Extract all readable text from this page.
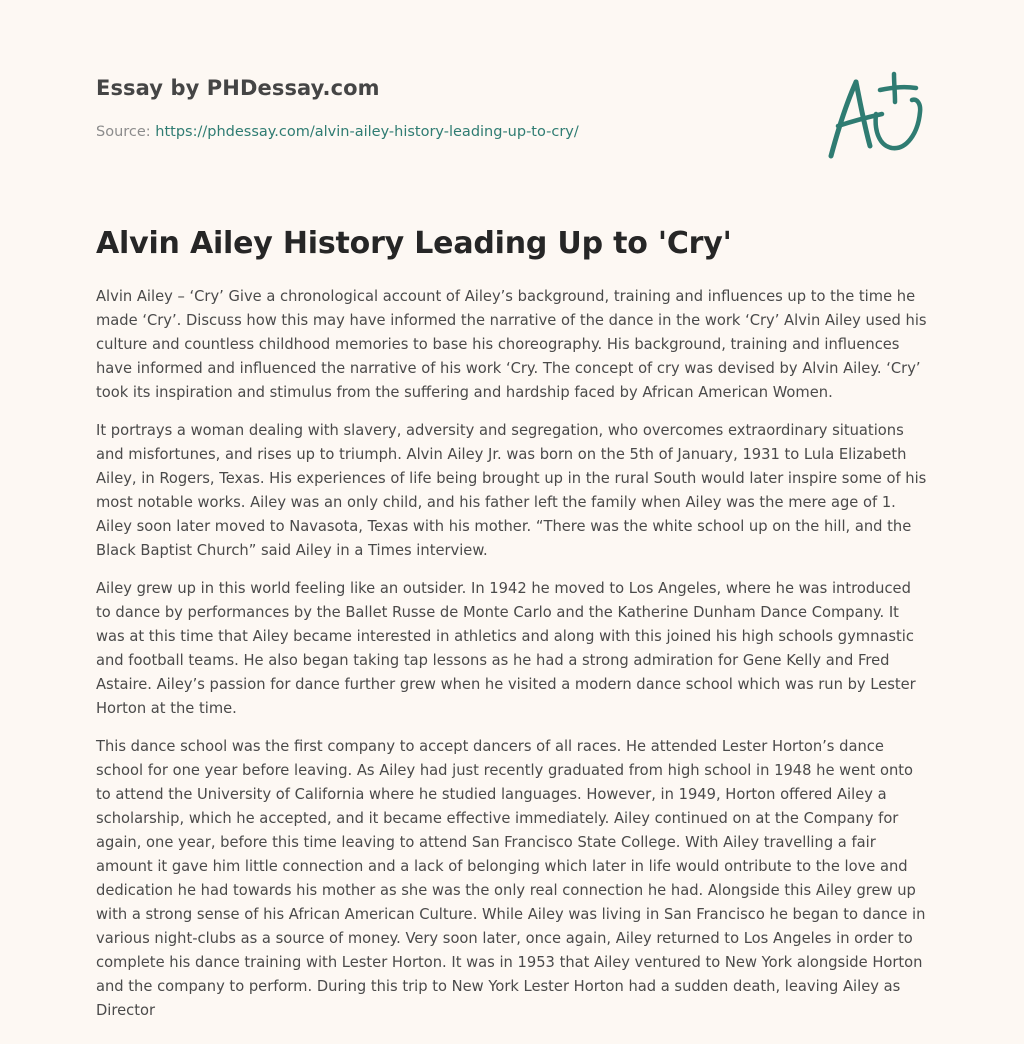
Essay by PHDessay.com
Source: https://phdessay.com/alvin-ailey-history-leading-up-to-cry/
Alvin Ailey History Leading Up to 'Cry'

Alvin Ailey – ‘Cry’ Give a chronological account of Ailey’s background, training and influences up to the time he made ‘Cry’. Discuss how this may have informed the narrative of the dance in the work ‘Cry’ Alvin Ailey used his culture and countless childhood memories to base his choreography. His background, training and influences have informed and influenced the narrative of his work ‘Cry. The concept of cry was devised by Alvin Ailey. ‘Cry’ took its inspiration and stimulus from the suffering and hardship faced by African American Women.

It portrays a woman dealing with slavery, adversity and segregation, who overcomes extraordinary situations and misfortunes, and rises up to triumph. Alvin Ailey Jr. was born on the 5th of January, 1931 to Lula Elizabeth Ailey, in Rogers, Texas. His experiences of life being brought up in the rural South would later inspire some of his most notable works. Ailey was an only child, and his father left the family when Ailey was the mere age of 1. Ailey soon later moved to Navasota, Texas with his mother. “There was the white school up on the hill, and the Black Baptist Church” said Ailey in a Times interview.

Ailey grew up in this world feeling like an outsider. In 1942 he moved to Los Angeles, where he was introduced to dance by performances by the Ballet Russe de Monte Carlo and the Katherine Dunham Dance Company. It was at this time that Ailey became interested in athletics and along with this joined his high schools gymnastic and football teams. He also began taking tap lessons as he had a strong admiration for Gene Kelly and Fred Astaire. Ailey’s passion for dance further grew when he visited a modern dance school which was run by Lester Horton at the time.

This dance school was the first company to accept dancers of all races. He attended Lester Horton’s dance school for one year before leaving. As Ailey had just recently graduated from high school in 1948 he went onto to attend the University of California where he studied languages. However, in 1949, Horton offered Ailey a scholarship, which he accepted, and it became effective immediately. Ailey continued on at the Company for again, one year, before this time leaving to attend San Francisco State College. With Ailey travelling a fair amount it gave him little connection and a lack of belonging which later in life would ontribute to the love and dedication he had towards his mother as she was the only real connection he had. Alongside this Ailey grew up with a strong sense of his African American Culture. While Ailey was living in San Francisco he began to dance in various night-clubs as a source of money. Very soon later, once again, Ailey returned to Los Angeles in order to complete his dance training with Lester Horton. It was in 1953 that Ailey ventured to New York alongside Horton and the company to perform. During this trip to New York Lester Horton had a sudden death, leaving Ailey as Director
